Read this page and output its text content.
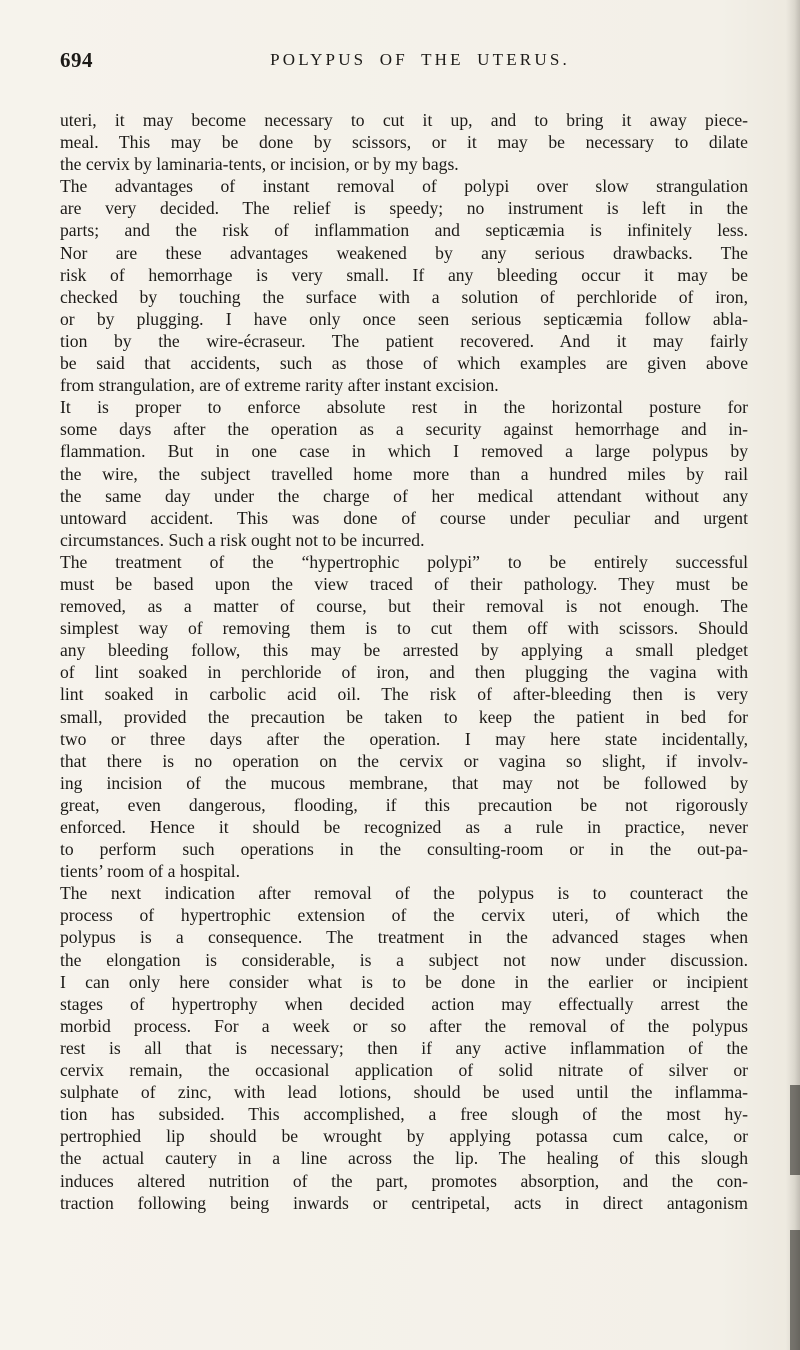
694	POLYPUS OF THE UTERUS.
uteri, it may become necessary to cut it up, and to bring it away piece-
meal. This may be done by scissors, or it may be necessary to dilate
the cervix by laminaria-tents, or incision, or by my bags.
The advantages of instant removal of polypi over slow strangulation
are very decided. The relief is speedy; no instrument is left in the
parts; and the risk of inflammation and septicæmia is infinitely less.
Nor are these advantages weakened by any serious drawbacks. The
risk of hemorrhage is very small. If any bleeding occur it may be
checked by touching the surface with a solution of perchloride of iron,
or by plugging. I have only once seen serious septicæmia follow abla-
tion by the wire-écraseur. The patient recovered. And it may fairly
be said that accidents, such as those of which examples are given above
from strangulation, are of extreme rarity after instant excision.
It is proper to enforce absolute rest in the horizontal posture for
some days after the operation as a security against hemorrhage and in-
flammation. But in one case in which I removed a large polypus by
the wire, the subject travelled home more than a hundred miles by rail
the same day under the charge of her medical attendant without any
untoward accident. This was done of course under peculiar and urgent
circumstances. Such a risk ought not to be incurred.
The treatment of the “hypertrophic polypi” to be entirely successful
must be based upon the view traced of their pathology. They must be
removed, as a matter of course, but their removal is not enough. The
simplest way of removing them is to cut them off with scissors. Should
any bleeding follow, this may be arrested by applying a small pledget
of lint soaked in perchloride of iron, and then plugging the vagina with
lint soaked in carbolic acid oil. The risk of after-bleeding then is very
small, provided the precaution be taken to keep the patient in bed for
two or three days after the operation. I may here state incidentally,
that there is no operation on the cervix or vagina so slight, if involv-
ing incision of the mucous membrane, that may not be followed by
great, even dangerous, flooding, if this precaution be not rigorously
enforced. Hence it should be recognized as a rule in practice, never
to perform such operations in the consulting-room or in the out-pa-
tients’ room of a hospital.
The next indication after removal of the polypus is to counteract the
process of hypertrophic extension of the cervix uteri, of which the
polypus is a consequence. The treatment in the advanced stages when
the elongation is considerable, is a subject not now under discussion.
I can only here consider what is to be done in the earlier or incipient
stages of hypertrophy when decided action may effectually arrest the
morbid process. For a week or so after the removal of the polypus
rest is all that is necessary; then if any active inflammation of the
cervix remain, the occasional application of solid nitrate of silver or
sulphate of zinc, with lead lotions, should be used until the inflamma-
tion has subsided. This accomplished, a free slough of the most hy-
pertrophied lip should be wrought by applying potassa cum calce, or
the actual cautery in a line across the lip. The healing of this slough
induces altered nutrition of the part, promotes absorption, and the con-
traction following being inwards or centripetal, acts in direct antagonism
